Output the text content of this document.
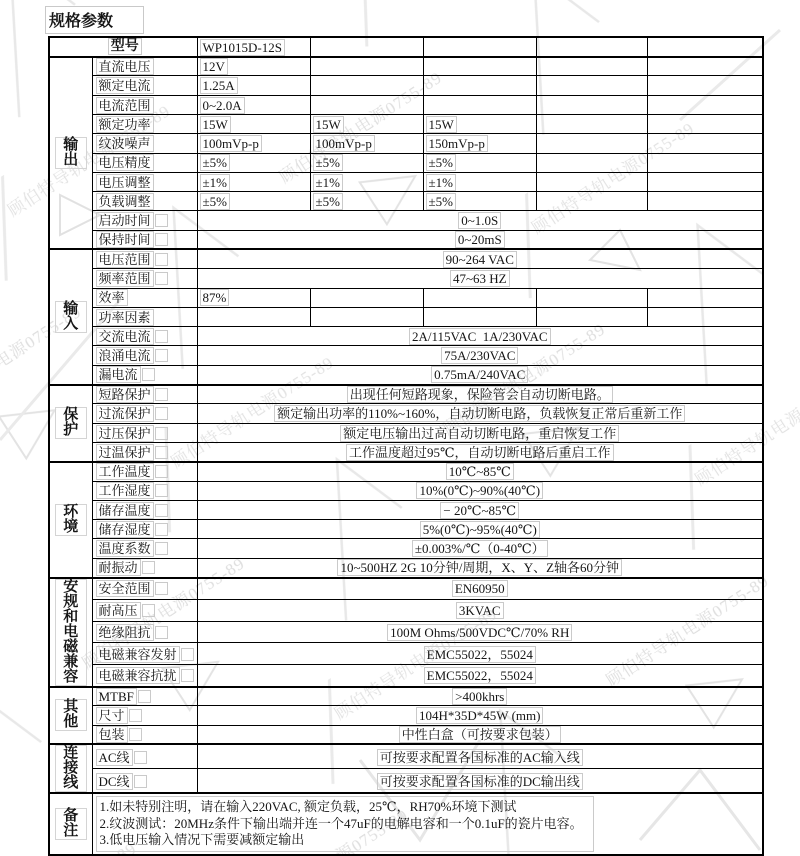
规格参数
型号		WP1015D-12S				
输出	直流电压	12V				
	额定电流	1.25A				
	电流范围	0~2.0A				
	额定功率	15W	15W	15W		
	纹波噪声	100mVp-p	100mVp-p	150mVp-p		
	电压精度	±5%	±5%	±5%		
	电压调整	±1%	±1%	±1%		
	负载调整	±5%	±5%	±5%		
	启动时间	0~1.0S				
	保持时间	0~20mS				
输入	电压范围	90~264 VAC				
	频率范围	47~63 HZ				
	效率	87%				
	功率因素					
	交流电流	2A/115VAC  1A/230VAC				
	浪涌电流	75A/230VAC				
	漏电流	0.75mA/240VAC				
保护	短路保护	出现任何短路现象，保险管会自动切断电路。				
	过流保护	额定输出功率的110%~160%，自动切断电路，负载恢复正常后重新工作				
	过压保护	额定电压输出过高自动切断电路，重启恢复工作				
	过温保护	工作温度超过95℃，自动切断电路后重启工作				
环境	工作温度	10℃~85℃				
	工作湿度	10%(0℃)~90%(40℃)				
	储存温度	− 20℃~85℃				
	储存湿度	5%(0℃)~95%(40℃)				
	温度系数	±0.003%/℃（0-40℃）				
	耐振动	10~500HZ 2G 10分钟/周期，X、Y、Z轴各60分钟				
安规和电磁兼容	安全范围	EN60950				
	耐高压	3KVAC				
	绝缘阻抗	100M Ohms/500VDC℃/70% RH				
	电磁兼容发射	EMC55022，55024				
	电磁兼容抗扰	EMC55022，55024				
其他	MTBF	>400khrs				
	尺寸	104H*35D*45W (mm)				
	包装	中性白盒（可按要求包装）				
连接线	AC线	可按要求配置各国标准的AC输入线				
	DC线	可按要求配置各国标准的DC输出线				
备注	1.如未特别注明，请在输入220VAC, 额定负载，25℃，RH70%环境下测试
2.纹波测试：20MHz条件下输出端并连一个47uF的电解电容和一个0.1uF的瓷片电容。
3.低电压输入情况下需要减额定输出					
